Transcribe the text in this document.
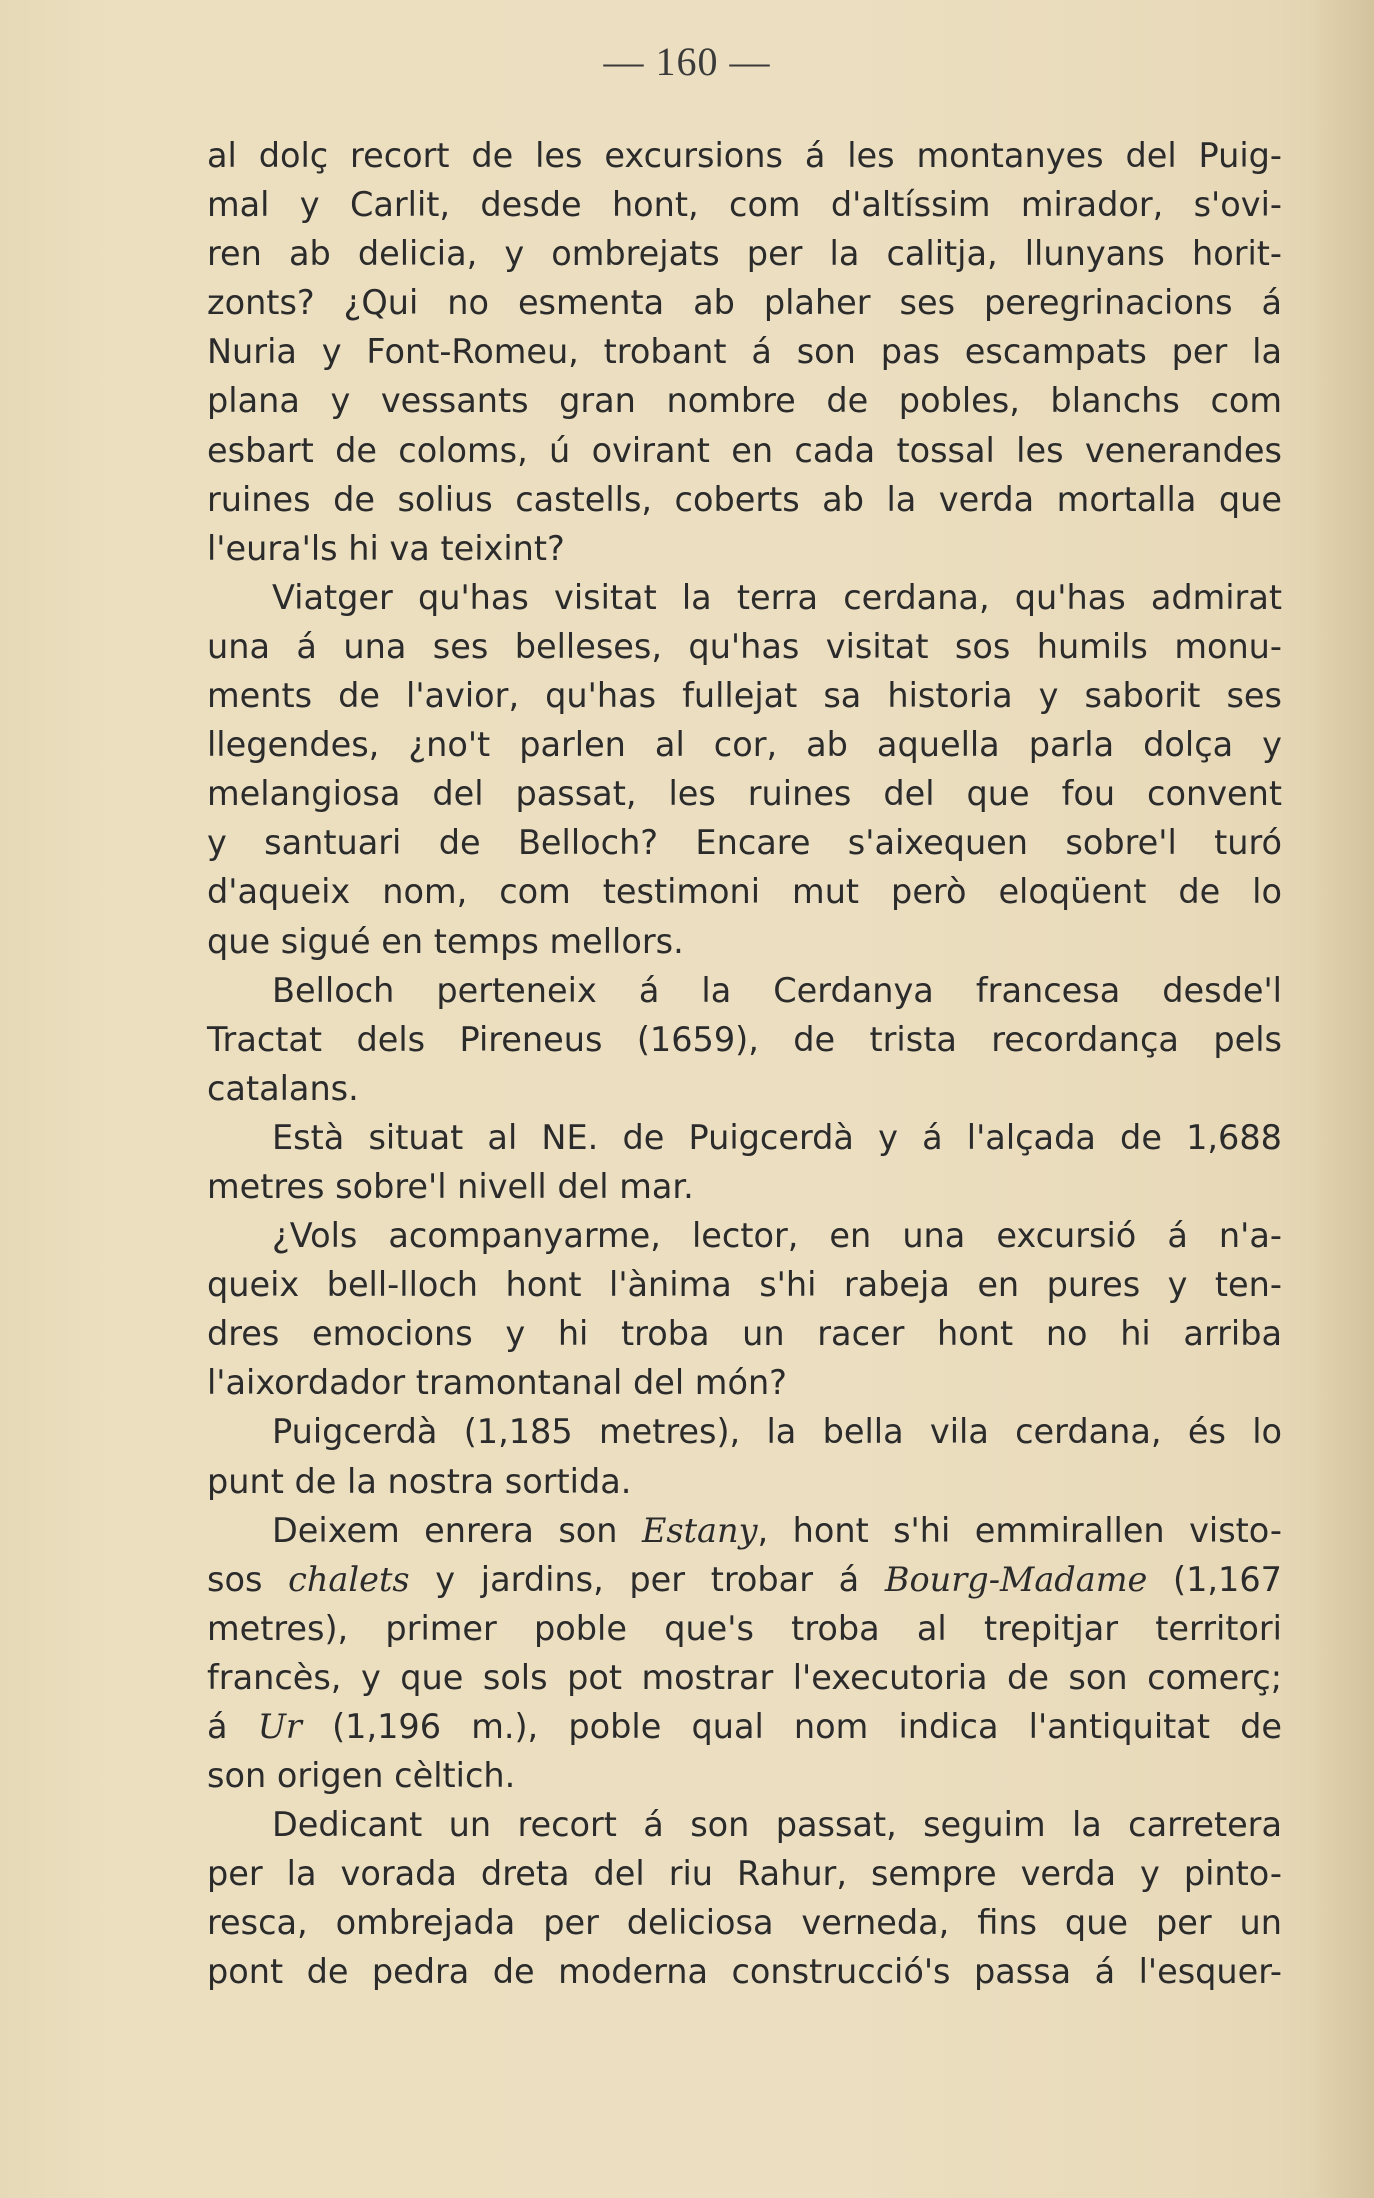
— 160 —
al dolç recort de les excursions á les montanyes del Puig-
mal y Carlit, desde hont, com d'altíssim mirador, s'ovi-
ren ab delicia, y ombrejats per la calitja, llunyans horit-
zonts? ¿Qui no esmenta ab plaher ses peregrinacions á
Nuria y Font-Romeu, trobant á son pas escampats per la
plana y vessants gran nombre de pobles, blanchs com
esbart de coloms, ú ovirant en cada tossal les venerandes
ruines de solius castells, coberts ab la verda mortalla que
l'eura'ls hi va teixint?
Viatger qu'has visitat la terra cerdana, qu'has admirat
una á una ses belleses, qu'has visitat sos humils monu-
ments de l'avior, qu'has fullejat sa historia y saborit ses
llegendes, ¿no't parlen al cor, ab aquella parla dolça y
melangiosa del passat, les ruines del que fou convent
y santuari de Belloch? Encare s'aixequen sobre'l turó
d'aqueix nom, com testimoni mut però eloqüent de lo
que sigué en temps mellors.
Belloch perteneix á la Cerdanya francesa desde'l
Tractat dels Pireneus (1659), de trista recordança pels
catalans.
Està situat al NE. de Puigcerdà y á l'alçada de 1,688
metres sobre'l nivell del mar.
¿Vols acompanyarme, lector, en una excursió á n'a-
queix bell-lloch hont l'ànima s'hi rabeja en pures y ten-
dres emocions y hi troba un racer hont no hi arriba
l'aixordador tramontanal del món?
Puigcerdà (1,185 metres), la bella vila cerdana, és lo
punt de la nostra sortida.
Deixem enrera son Estany, hont s'hi emmirallen visto-
sos chalets y jardins, per trobar á Bourg-Madame (1,167
metres), primer poble que's troba al trepitjar territori
francès, y que sols pot mostrar l'executoria de son comerç;
á Ur (1,196 m.), poble qual nom indica l'antiquitat de
son origen cèltich.
Dedicant un recort á son passat, seguim la carretera
per la vorada dreta del riu Rahur, sempre verda y pinto-
resca, ombrejada per deliciosa verneda, fins que per un
pont de pedra de moderna construcció's passa á l'esquer-
